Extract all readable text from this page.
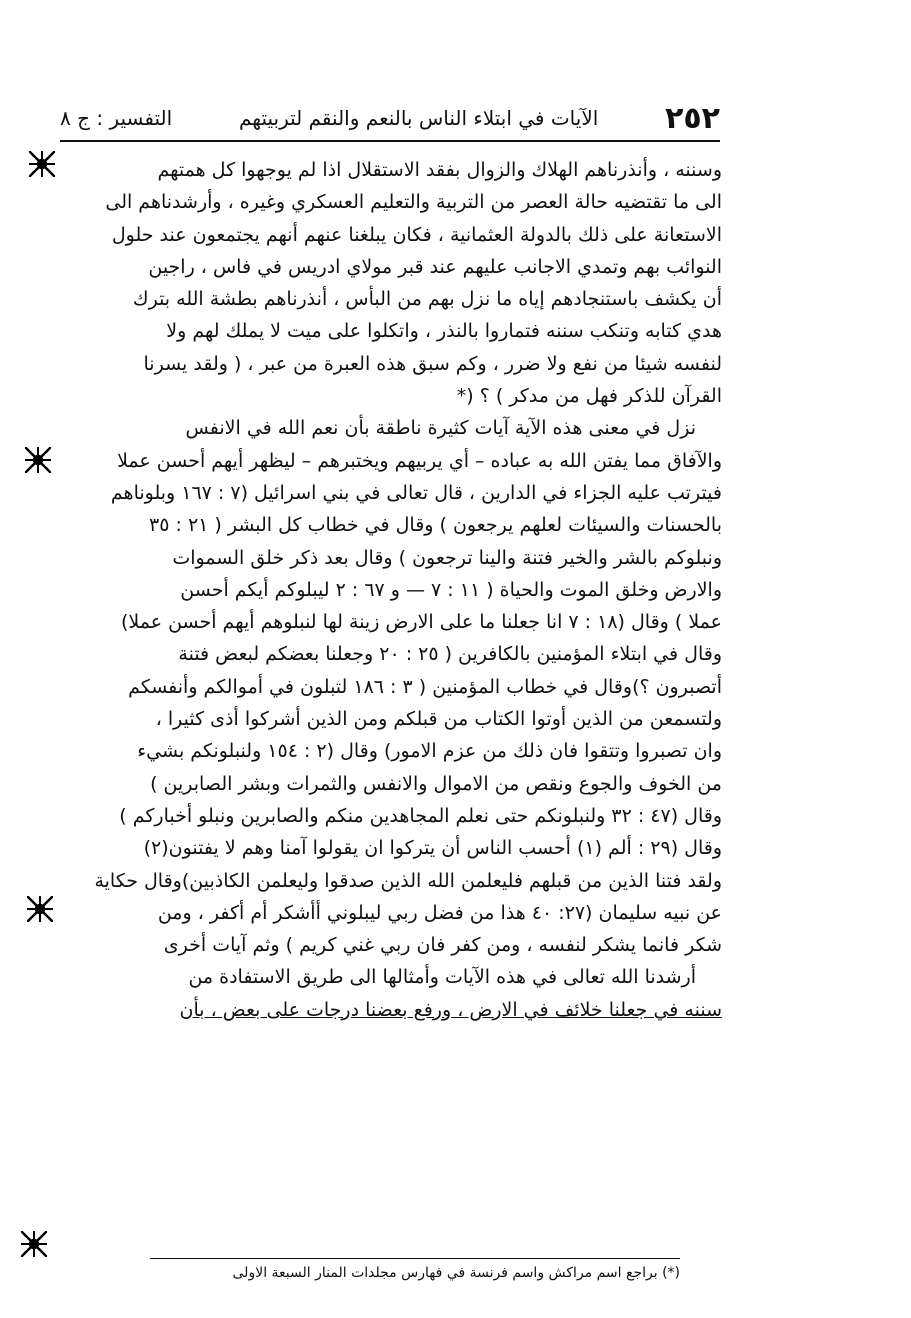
٢٥٢
الآيات في ابتلاء الناس بالنعم والنقم لتربيتهم
التفسير : ج ٨
وسننه ، وأنذرناهم الهلاك والزوال بفقد الاستقلال اذا لم يوجهوا كل همتهم
الى ما تقتضيه حالة العصر من التربية والتعليم العسكري وغيره ، وأرشدناهم الى
الاستعانة على ذلك بالدولة العثمانية ، فكان يبلغنا عنهم أنهم يجتمعون عند حلول
النوائب بهم وتمدي الاجانب عليهم عند قبر مولاي ادريس في فاس ، راجين
أن يكشف باستنجادهم إياه ما نزل بهم من البأس ، أنذرناهم بطشة الله بترك
هدي كتابه وتنكب سننه فتماروا بالنذر ، واتكلوا على ميت لا يملك لهم ولا
لنفسه شيئا من نفع ولا ضرر ، وكم سبق هذه العبرة من عبر ، ( ولقد يسرنا
القرآن للذكر فهل من مدكر ) ؟ (*
نزل في معنى هذه الآية آيات كثيرة ناطقة بأن نعم الله في الانفس
والآفاق مما يفتن الله به عباده – أي يربيهم ويختبرهم – ليظهر أيهم أحسن عملا
فيترتب عليه الجزاء في الدارين ، قال تعالى في بني اسرائيل (٧ : ١٦٧ وبلوناهم
بالحسنات والسيئات لعلهم يرجعون ) وقال في خطاب كل البشر ( ٢١ : ٣٥
ونبلوكم بالشر والخير فتنة والينا ترجعون ) وقال بعد ذكر خلق السموات
والارض وخلق الموت والحياة ( ١١ : ٧ — و ٦٧ : ٢ ليبلوكم أيكم أحسن
عملا ) وقال (١٨ : ٧ انا جعلنا ما على الارض زينة لها لنبلوهم أيهم أحسن عملا)
وقال في ابتلاء المؤمنين بالكافرين ( ٢٥ : ٢٠ وجعلنا بعضكم لبعض فتنة
أتصبرون ؟)وقال في خطاب المؤمنين ( ٣ : ١٨٦ لتبلون في أموالكم وأنفسكم
ولتسمعن من الذين أوتوا الكتاب من قبلكم ومن الذين أشركوا أذى كثيرا ،
وان تصبروا وتتقوا فان ذلك من عزم الامور) وقال (٢ : ١٥٤ ولنبلونكم بشيء
من الخوف والجوع ونقص من الاموال والانفس والثمرات وبشر الصابرين )
وقال (٤٧ : ٣٢ ولنبلونكم حتى نعلم المجاهدين منكم والصابرين ونبلو أخباركم )
وقال (٢٩ : ألم (١) أحسب الناس أن يتركوا ان يقولوا آمنا وهم لا يفتنون(٢)
ولقد فتنا الذين من قبلهم فليعلمن الله الذين صدقوا وليعلمن الكاذبين)وقال حكاية
عن نبيه سليمان (٢٧: ٤٠ هذا من فضل ربي ليبلوني أأشكر أم أكفر ، ومن
شكر فانما يشكر لنفسه ، ومن كفر فان ربي غني كريم ) وثم آيات أخرى
أرشدنا الله تعالى في هذه الآيات وأمثالها الى طريق الاستفادة من
سننه في جعلنا خلائف في الارض ، ورفع بعضنا درجات على بعض ، بأن
(*) براجع اسم مراكش واسم فرنسة في فهارس مجلدات المنار السبعة الاولى
